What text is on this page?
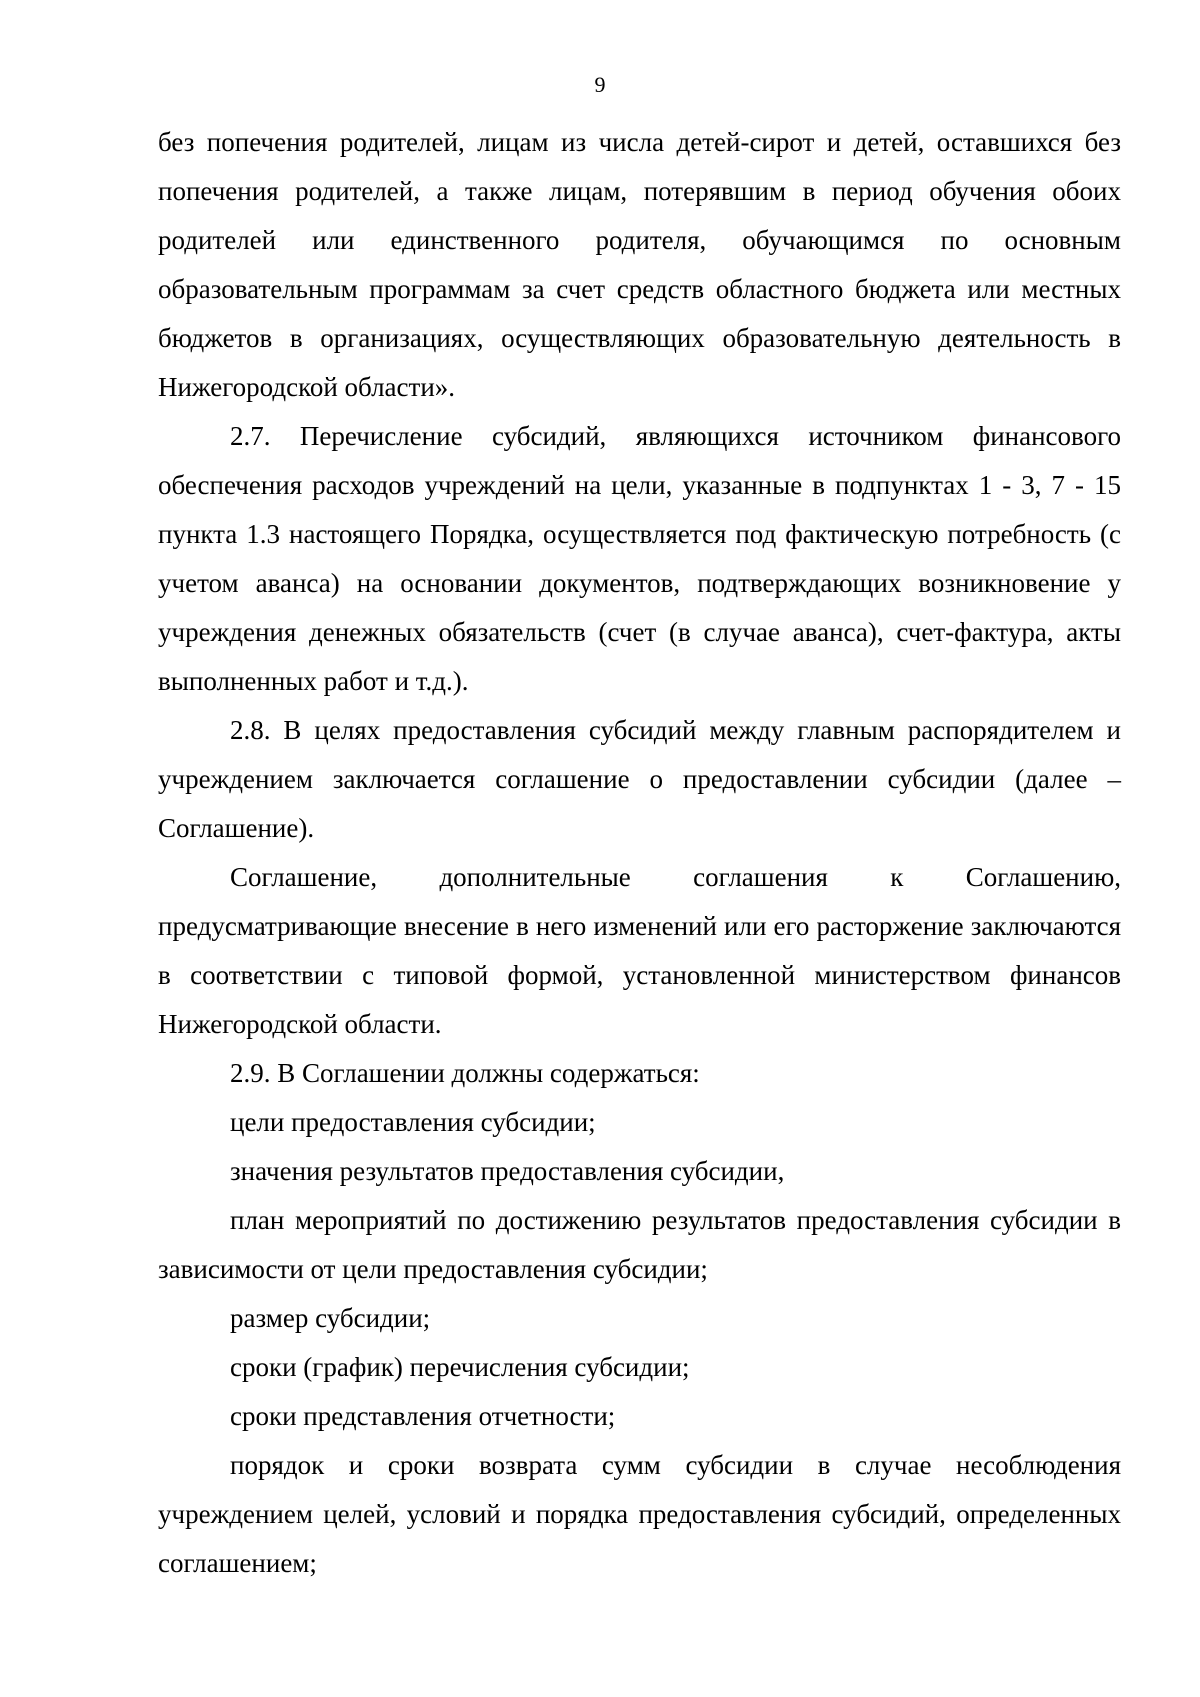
9

без попечения родителей, лицам из числа детей-сирот и детей, оставшихся без попечения родителей, а также лицам, потерявшим в период обучения обоих родителей или единственного родителя, обучающимся по основным образовательным программам за счет средств областного бюджета или местных бюджетов в организациях, осуществляющих образовательную деятельность в Нижегородской области».

2.7. Перечисление субсидий, являющихся источником финансового обеспечения расходов учреждений на цели, указанные в подпунктах 1 - 3, 7 - 15 пункта 1.3 настоящего Порядка, осуществляется под фактическую потребность (с учетом аванса) на основании документов, подтверждающих возникновение у учреждения денежных обязательств (счет (в случае аванса), счет-фактура, акты выполненных работ и т.д.).

2.8. В целях предоставления субсидий между главным распорядителем и учреждением заключается соглашение о предоставлении субсидии (далее – Соглашение).

Соглашение, дополнительные соглашения к Соглашению, предусматривающие внесение в него изменений или его расторжение заключаются в соответствии с типовой формой, установленной министерством финансов Нижегородской области.

2.9. В Соглашении должны содержаться:

цели предоставления субсидии;

значения результатов предоставления субсидии,

план мероприятий по достижению результатов предоставления субсидии в зависимости от цели предоставления субсидии;

размер субсидии;

сроки (график) перечисления субсидии;

сроки представления отчетности;

порядок и сроки возврата сумм субсидии в случае несоблюдения учреждением целей, условий и порядка предоставления субсидий, определенных соглашением;
